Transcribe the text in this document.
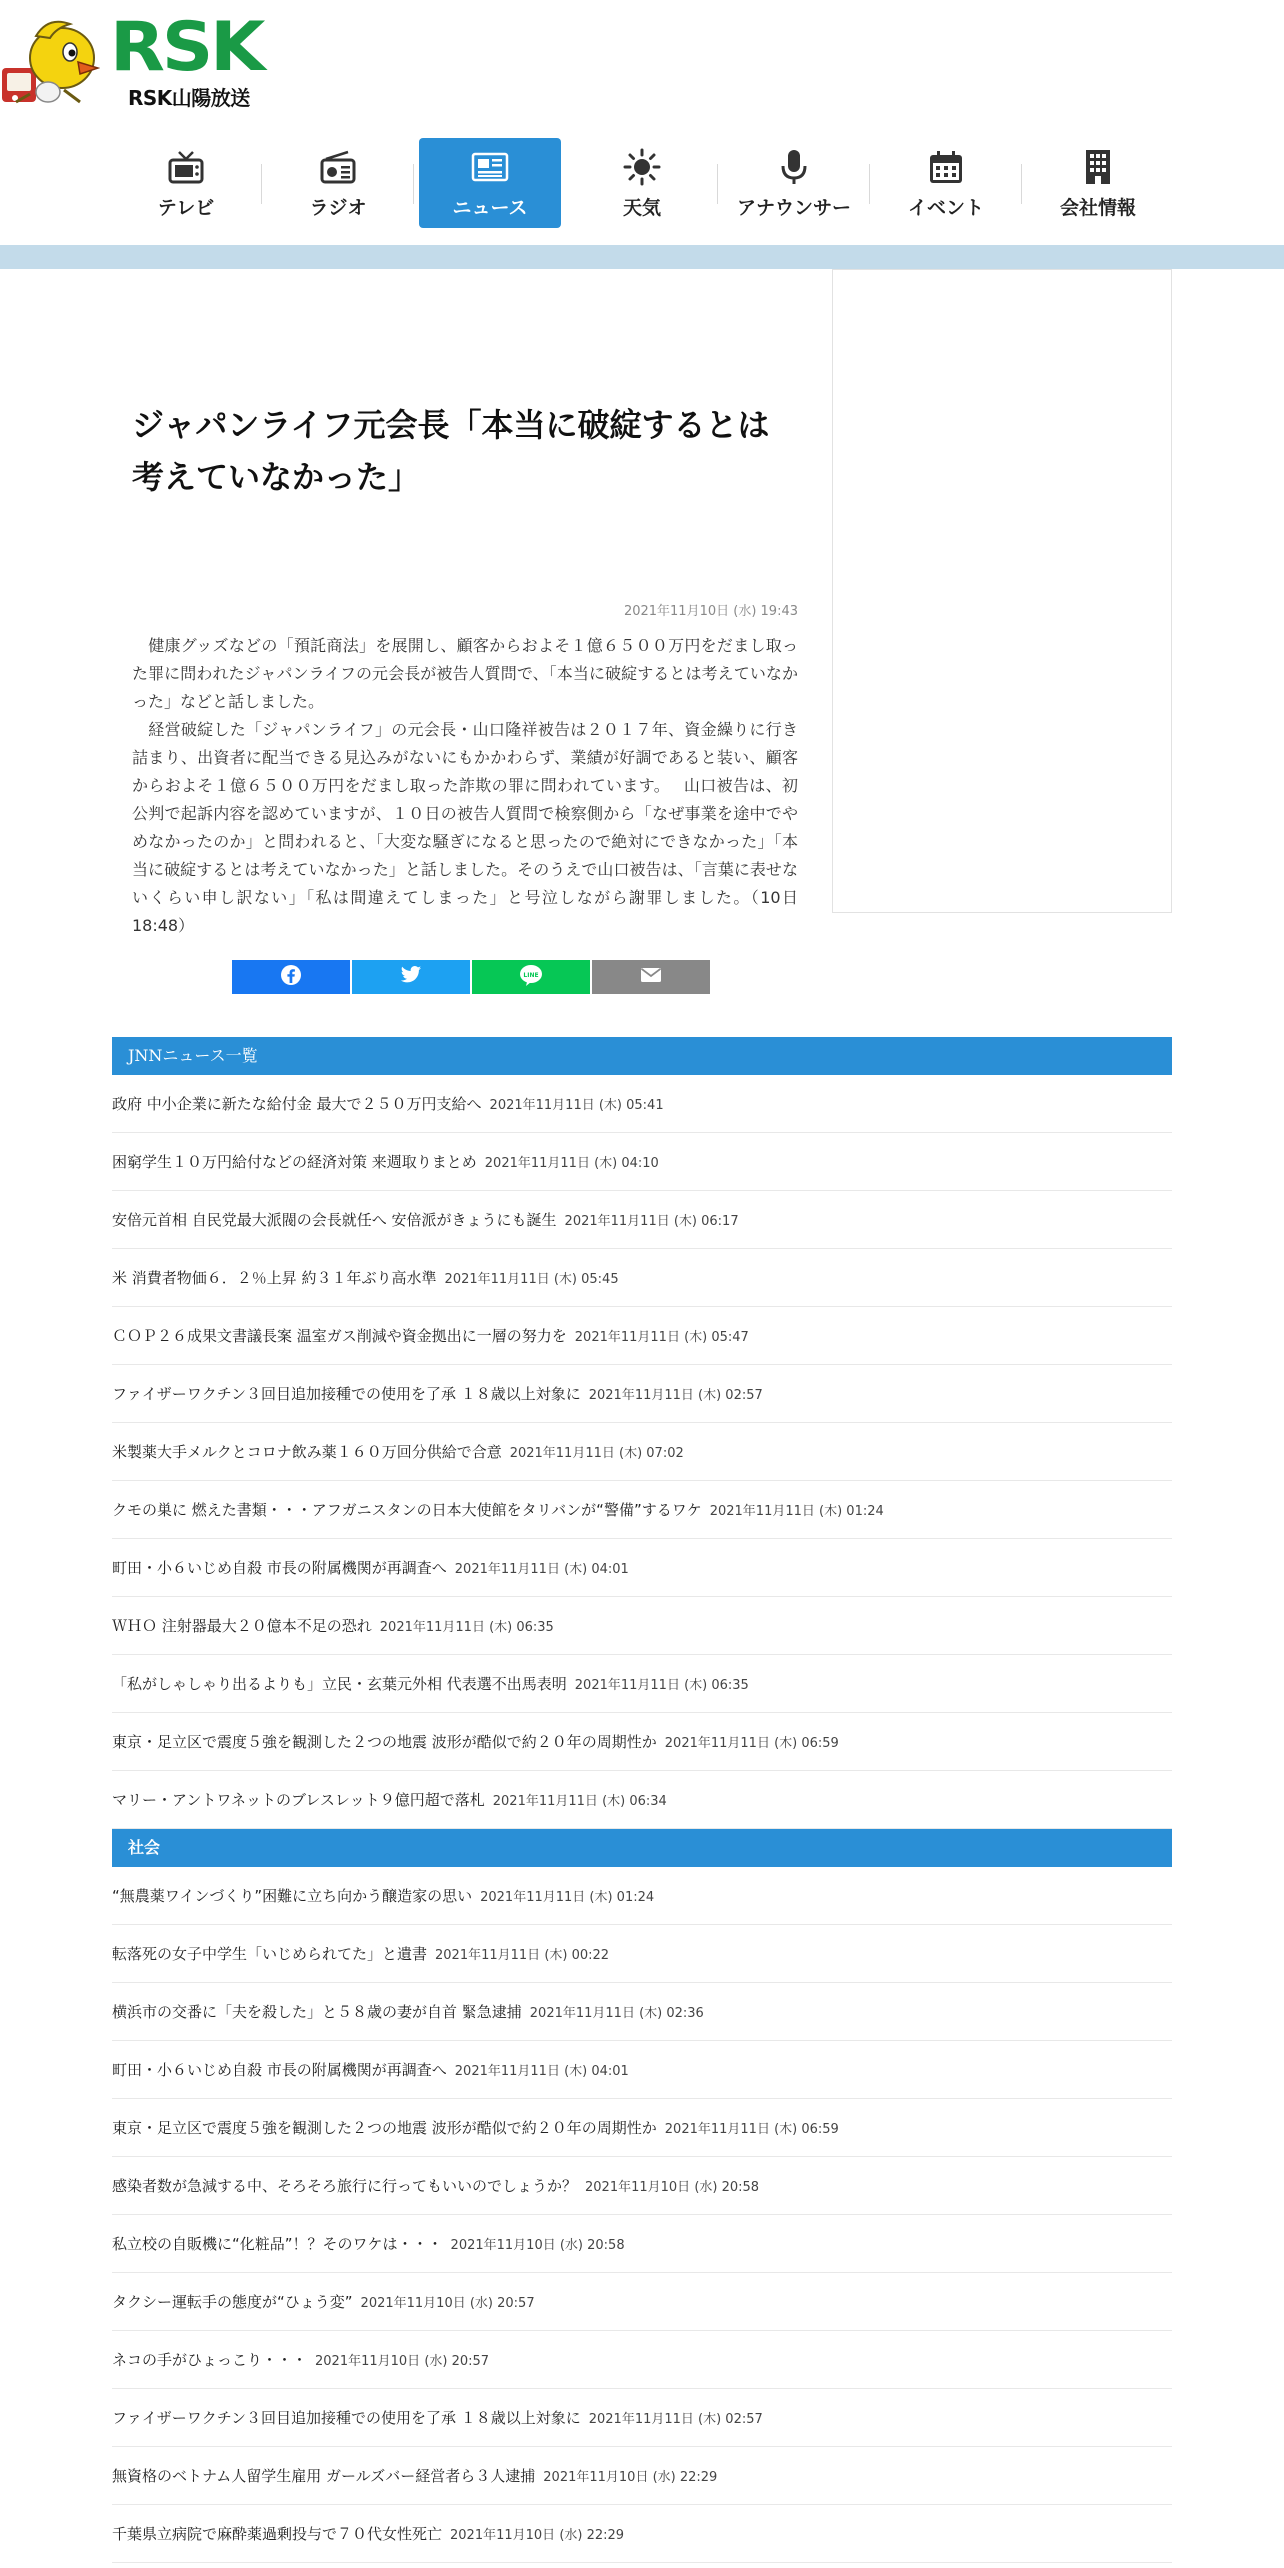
RSK
RSK山陽放送
テレビ	ラジオ	ニュース	天気	アナウンサー	イベント	会社情報
ジャパンライフ元会長「本当に破綻するとは考えていなかった」
2021年11月10日 (水) 19:43

　健康グッズなどの「預託商法」を展開し、顧客からおよそ１億６５００万円をだまし取った罪に問われたジャパンライフの元会長が被告人質問で、「本当に破綻するとは考えていなかった」などと話しました。

　経営破綻した「ジャパンライフ」の元会長・山口隆祥被告は２０１７年、資金繰りに行き詰まり、出資者に配当できる見込みがないにもかかわらず、業績が好調であると装い、顧客からおよそ１億６５００万円をだまし取った詐欺の罪に問われています。　 山口被告は、初公判で起訴内容を認めていますが、１０日の被告人質問で検察側から「なぜ事業を途中でやめなかったのか」と問われると、「大変な騒ぎになると思ったので絶対にできなかった」「本当に破綻するとは考えていなかった」と話しました。そのうえで山口被告は、「言葉に表せないくらい申し訳ない」「私は間違えてしまった」と号泣しながら謝罪しました。（10日18:48）

LINE
JNNニュース一覧
政府 中小企業に新たな給付金 最大で２５０万円支給へ 2021年11月11日 (木) 05:41
困窮学生１０万円給付などの経済対策 来週取りまとめ 2021年11月11日 (木) 04:10
安倍元首相 自民党最大派閥の会長就任へ 安倍派がきょうにも誕生 2021年11月11日 (木) 06:17
米 消費者物価６．２％上昇 約３１年ぶり高水準 2021年11月11日 (木) 05:45
ＣＯＰ２６成果文書議長案 温室ガス削減や資金拠出に一層の努力を 2021年11月11日 (木) 05:47
ファイザーワクチン３回目追加接種での使用を了承 １８歳以上対象に 2021年11月11日 (木) 02:57
米製薬大手メルクとコロナ飲み薬１６０万回分供給で合意 2021年11月11日 (木) 07:02
クモの巣に 燃えた書類・・・アフガニスタンの日本大使館をタリバンが“警備”するワケ 2021年11月11日 (木) 01:24
町田・小６いじめ自殺 市長の附属機関が再調査へ 2021年11月11日 (木) 04:01
ＷＨＯ 注射器最大２０億本不足の恐れ 2021年11月11日 (木) 06:35
「私がしゃしゃり出るよりも」立民・玄葉元外相 代表選不出馬表明 2021年11月11日 (木) 06:35
東京・足立区で震度５強を観測した２つの地震 波形が酷似で約２０年の周期性か 2021年11月11日 (木) 06:59
マリー・アントワネットのブレスレット９億円超で落札 2021年11月11日 (木) 06:34
社会
“無農薬ワインづくり”困難に立ち向かう醸造家の思い 2021年11月11日 (木) 01:24
転落死の女子中学生「いじめられてた」と遺書 2021年11月11日 (木) 00:22
横浜市の交番に「夫を殺した」と５８歳の妻が自首 緊急逮捕 2021年11月11日 (木) 02:36
町田・小６いじめ自殺 市長の附属機関が再調査へ 2021年11月11日 (木) 04:01
東京・足立区で震度５強を観測した２つの地震 波形が酷似で約２０年の周期性か 2021年11月11日 (木) 06:59
感染者数が急減する中、そろそろ旅行に行ってもいいのでしょうか？ 2021年11月10日 (水) 20:58
私立校の自販機に“化粧品”！？そのワケは・・・ 2021年11月10日 (水) 20:58
タクシー運転手の態度が“ひょう変” 2021年11月10日 (水) 20:57
ネコの手がひょっこり・・・ 2021年11月10日 (水) 20:57
ファイザーワクチン３回目追加接種での使用を了承 １８歳以上対象に 2021年11月11日 (木) 02:57
無資格のベトナム人留学生雇用 ガールズバー経営者ら３人逮捕 2021年11月10日 (水) 22:29
千葉県立病院で麻酔薬過剰投与で７０代女性死亡 2021年11月10日 (水) 22:29
